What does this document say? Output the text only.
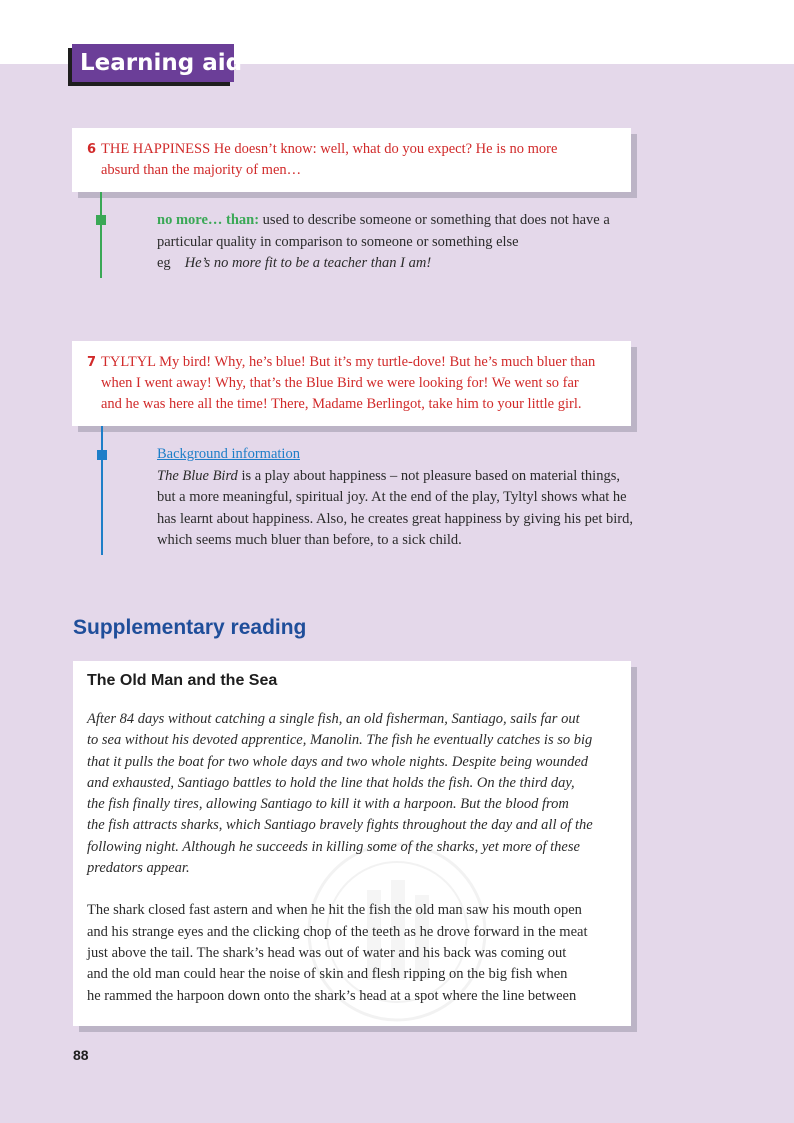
Learning aid
6 THE HAPPINESS He doesn’t know: well, what do you expect? He is no more
absurd than the majority of men…
no more… than: used to describe someone or something that does not have a
particular quality in comparison to someone or something else
eg He’s no more fit to be a teacher than I am!
7 TYLTYL My bird! Why, he’s blue! But it’s my turtle-dove! But he’s much bluer than
when I went away! Why, that’s the Blue Bird we were looking for! We went so far
and he was here all the time! There, Madame Berlingot, take him to your little girl.
Background information
The Blue Bird is a play about happiness – not pleasure based on material things,
but a more meaningful, spiritual joy. At the end of the play, Tyltyl shows what he
has learnt about happiness. Also, he creates great happiness by giving his pet bird,
which seems much bluer than before, to a sick child.
Supplementary reading
The Old Man and the Sea
After 84 days without catching a single fish, an old fisherman, Santiago, sails far out
to sea without his devoted apprentice, Manolin. The fish he eventually catches is so big
that it pulls the boat for two whole days and two whole nights. Despite being wounded
and exhausted, Santiago battles to hold the line that holds the fish. On the third day,
the fish finally tires, allowing Santiago to kill it with a harpoon. But the blood from
the fish attracts sharks, which Santiago bravely fights throughout the day and all of the
following night. Although he succeeds in killing some of the sharks, yet more of these
predators appear.
The shark closed fast astern and when he hit the fish the old man saw his mouth open
and his strange eyes and the clicking chop of the teeth as he drove forward in the meat
just above the tail. The shark’s head was out of water and his back was coming out
and the old man could hear the noise of skin and flesh ripping on the big fish when
he rammed the harpoon down onto the shark’s head at a spot where the line between
88
